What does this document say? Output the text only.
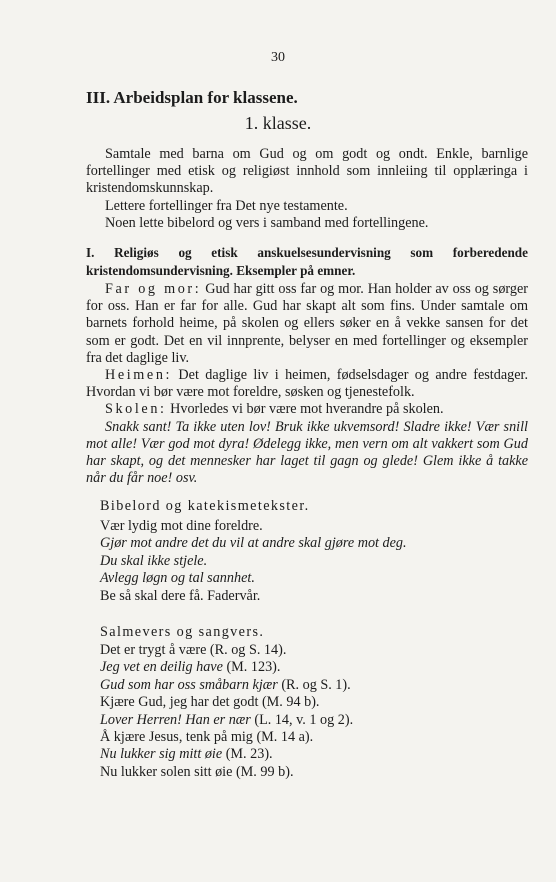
30
III. Arbeidsplan for klassene.
1. klasse.

Samtale med barna om Gud og om godt og ondt. Enkle, barnlige fortellinger med etisk og religiøst innhold som innleiing til opplæringa i kristendomskunnskap.

Lettere fortellinger fra Det nye testamente.

Noen lette bibelord og vers i samband med fortellingene.

I. Religiøs og etisk anskuelsesundervisning som forberedende kristendomsundervisning. Eksempler på emner.

Far og mor: Gud har gitt oss far og mor. Han holder av oss og sørger for oss. Han er far for alle. Gud har skapt alt som fins. Under samtale om barnets forhold heime, på skolen og ellers søker en å vekke sansen for det som er godt. Det en vil innprente, belyser en med fortellinger og eksempler fra det daglige liv.

Heimen: Det daglige liv i heimen, fødselsdager og andre festdager. Hvordan vi bør være mot foreldre, søsken og tjenestefolk.

Skolen: Hvorledes vi bør være mot hverandre på skolen.

Snakk sant! Ta ikke uten lov! Bruk ikke ukvemsord! Sladre ikke! Vær snill mot alle! Vær god mot dyra! Ødelegg ikke, men vern om alt vakkert som Gud har skapt, og det mennesker har laget til gagn og glede! Glem ikke å takke når du får noe! osv.

Bibelord og katekismetekster.

Vær lydig mot dine foreldre.
Gjør mot andre det du vil at andre skal gjøre mot deg.
Du skal ikke stjele.
Avlegg løgn og tal sannhet.
Be så skal dere få. Fadervår.

Salmevers og sangvers.

Det er trygt å være (R. og S. 14).
Jeg vet en deilig have (M. 123).
Gud som har oss småbarn kjær (R. og S. 1).
Kjære Gud, jeg har det godt (M. 94 b).
Lover Herren! Han er nær (L. 14, v. 1 og 2).
Å kjære Jesus, tenk på mig (M. 14 a).
Nu lukker sig mitt øie (M. 23).
Nu lukker solen sitt øie (M. 99 b).
